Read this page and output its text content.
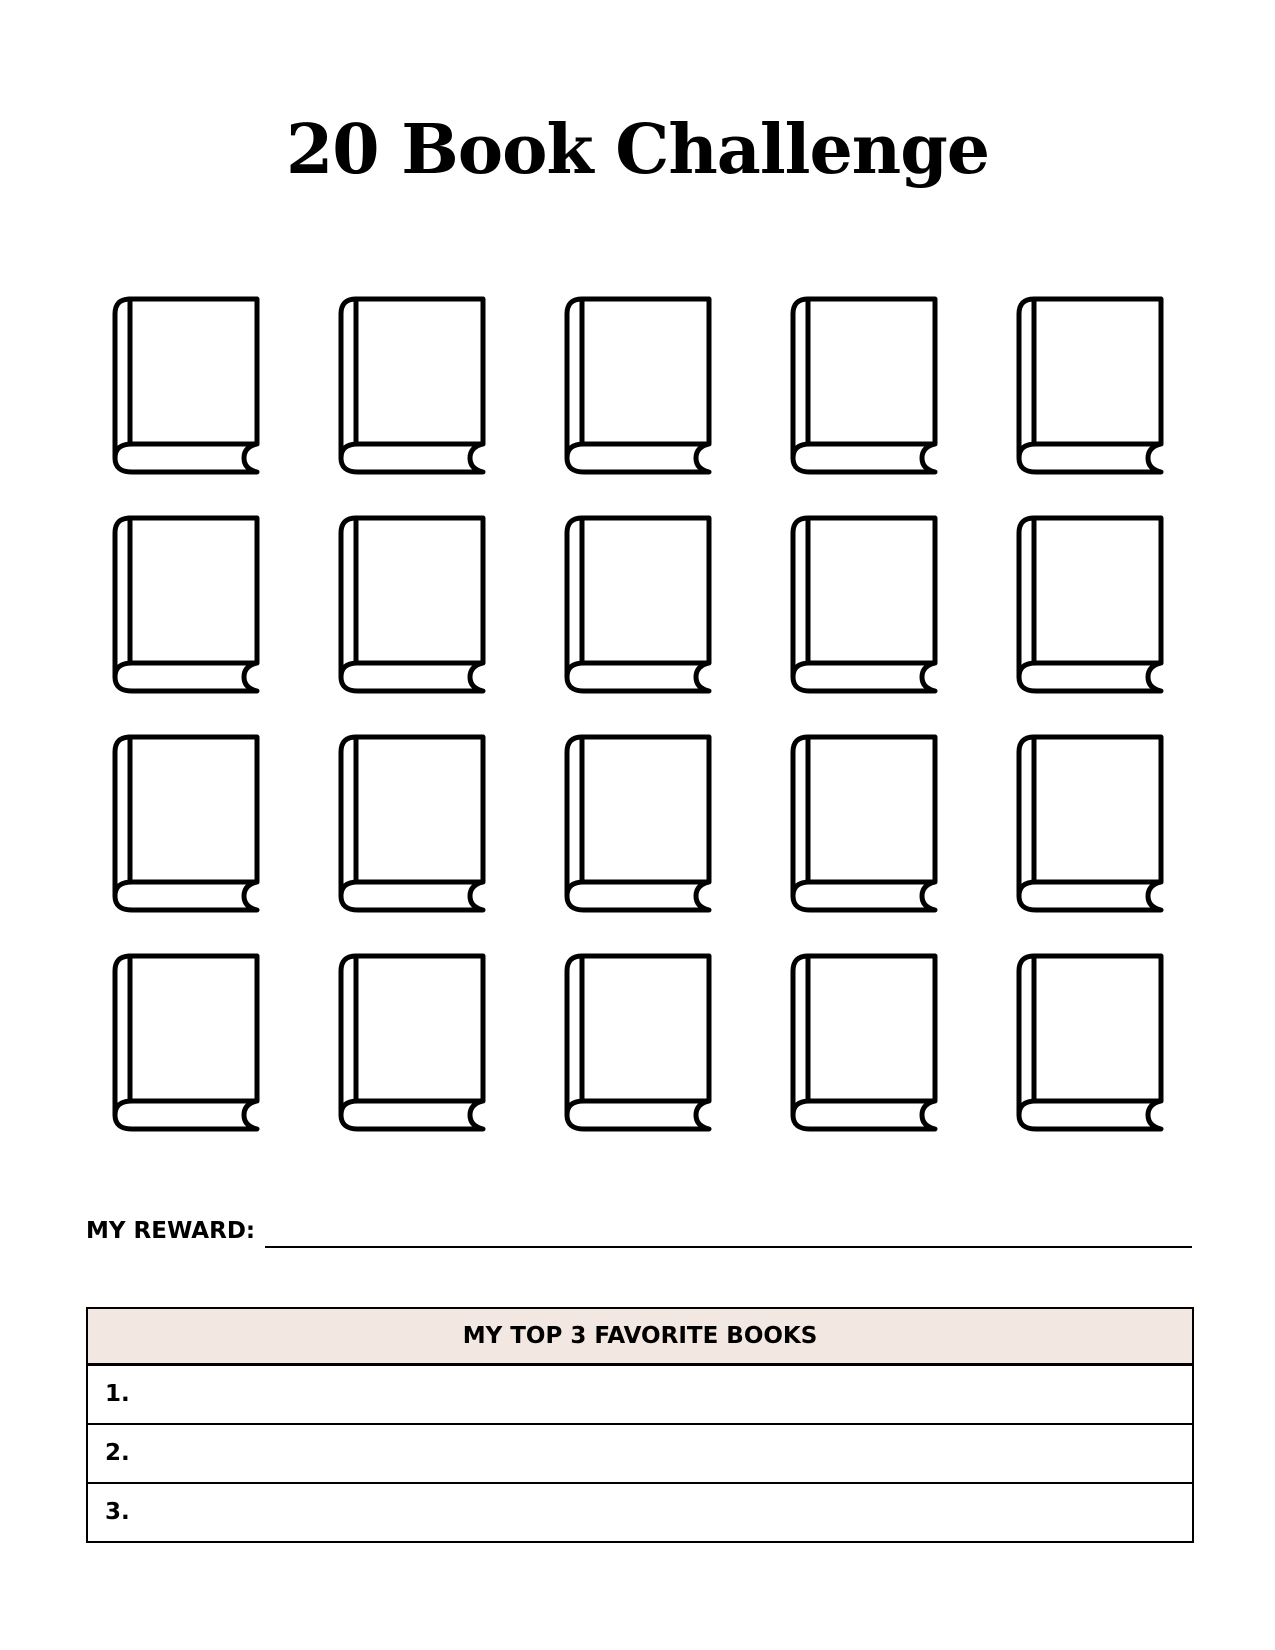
20 Book Challenge
MY REWARD:
MY TOP 3 FAVORITE BOOKS
1.
2.
3.
